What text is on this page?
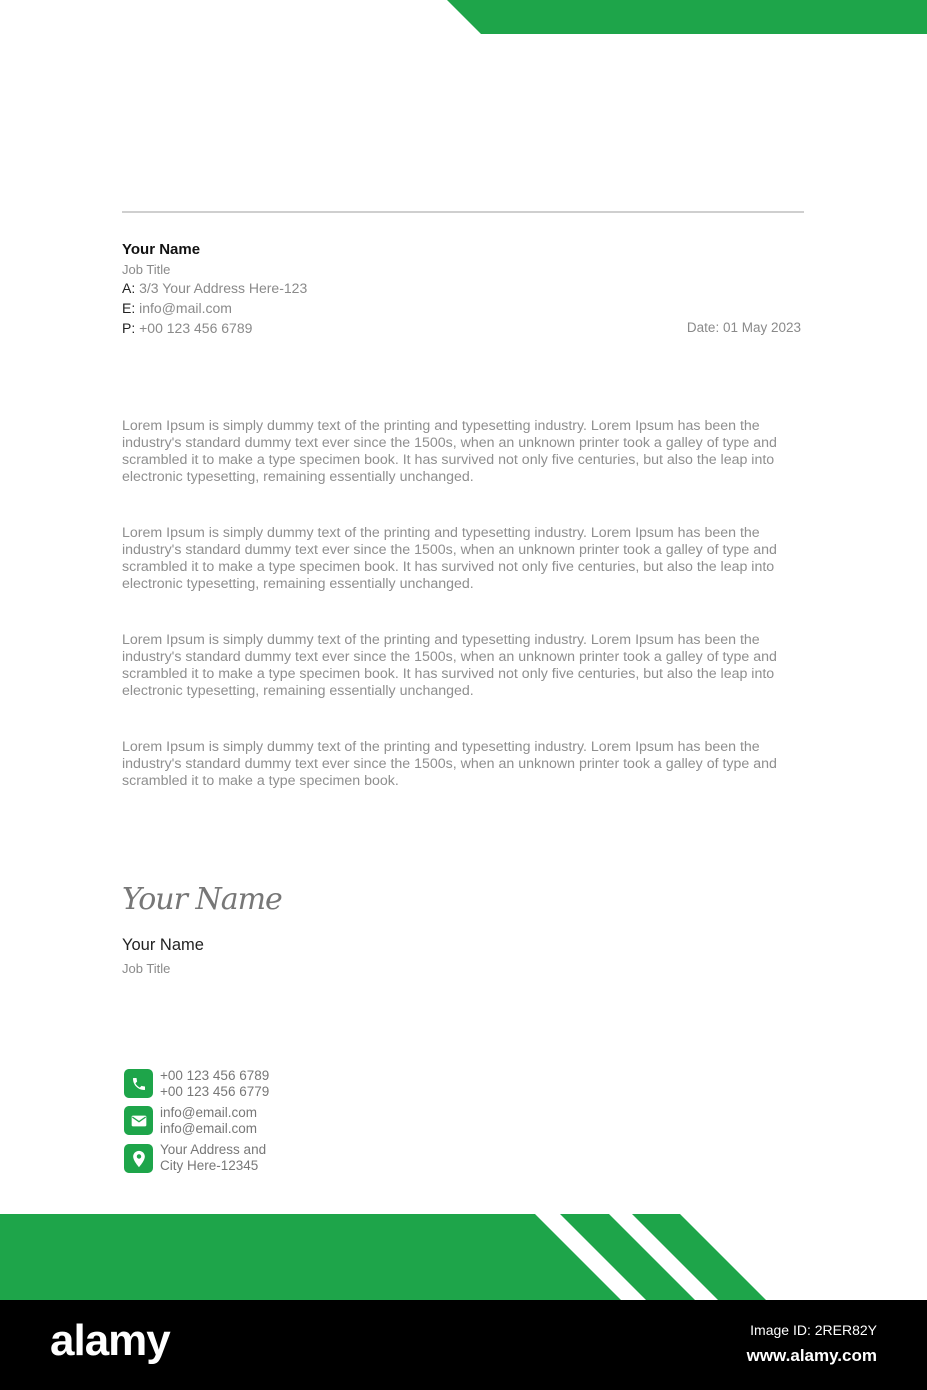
Your Name
Job Title
A: 3/3 Your Address Here-123
E: info@mail.com
P: +00 123 456 6789	Date: 01 May 2023

Lorem Ipsum is simply dummy text of the printing and typesetting industry. Lorem Ipsum has been the industry's standard dummy text ever since the 1500s, when an unknown printer took a galley of type and scrambled it to make a type specimen book. It has survived not only five centuries, but also the leap into electronic typesetting, remaining essentially unchanged.

Lorem Ipsum is simply dummy text of the printing and typesetting industry. Lorem Ipsum has been the industry's standard dummy text ever since the 1500s, when an unknown printer took a galley of type and scrambled it to make a type specimen book. It has survived not only five centuries, but also the leap into electronic typesetting, remaining essentially unchanged.

Lorem Ipsum is simply dummy text of the printing and typesetting industry. Lorem Ipsum has been the industry's standard dummy text ever since the 1500s, when an unknown printer took a galley of type and scrambled it to make a type specimen book. It has survived not only five centuries, but also the leap into electronic typesetting, remaining essentially unchanged.

Lorem Ipsum is simply dummy text of the printing and typesetting industry. Lorem Ipsum has been the industry's standard dummy text ever since the 1500s, when an unknown printer took a galley of type and scrambled it to make a type specimen book.

Your Name
Your Name
Job Title
+00 123 456 6789
+00 123 456 6779
info@email.com
info@email.com
Your Address and
City Here-12345
alamy	Image ID: 2RER82Y
www.alamy.com
